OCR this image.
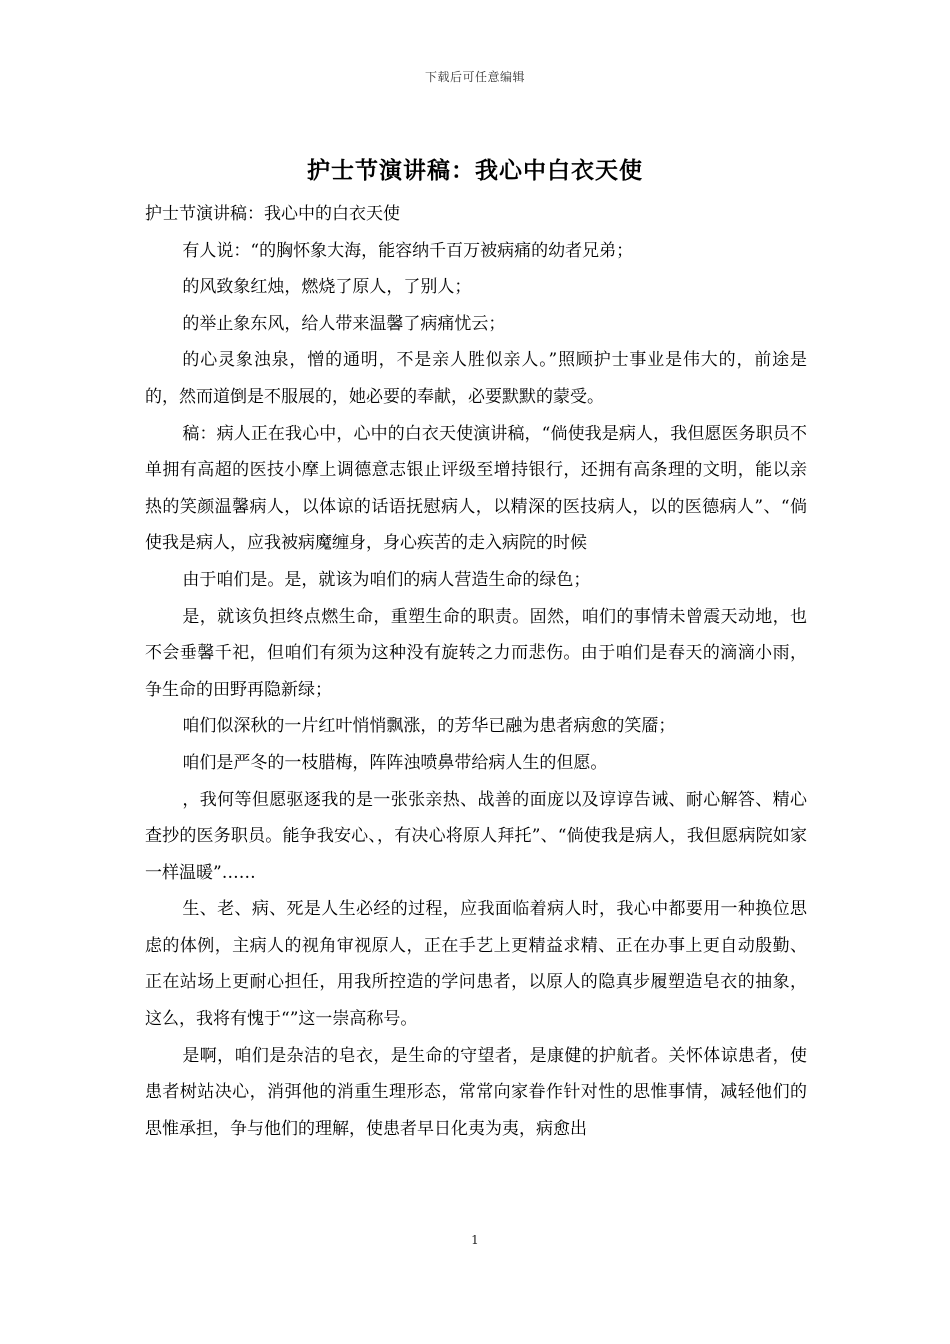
下载后可任意编辑
护士节演讲稿：我心中白衣天使

护士节演讲稿：我心中的白衣天使

有人说：“的胸怀象大海，能容纳千百万被病痛的幼者兄弟；

的风致象红烛，燃烧了原人，了别人；

的举止象东风，给人带来温馨了病痛忧云；

的心灵象浊泉，憎的通明，不是亲人胜似亲人。”照顾护士事业是伟大的，前途是的，然而道倒是不服展的，她必要的奉献，必要默默的蒙受。

稿：病人正在我心中，心中的白衣天使演讲稿，“倘使我是病人，我但愿医务职员不单拥有高超的医技小摩上调德意志银止评级至增持银行，还拥有高条理的文明，能以亲热的笑颜温馨病人，以体谅的话语抚慰病人，以精深的医技病人，以的医德病人”、“倘使我是病人，应我被病魔缠身，身心疾苦的走入病院的时候

由于咱们是。是，就该为咱们的病人营造生命的绿色；

是，就该负担终点燃生命，重塑生命的职责。固然，咱们的事情未曾震天动地，也不会垂馨千祀，但咱们有须为这种没有旋转之力而悲伤。由于咱们是春天的滴滴小雨，争生命的田野再隐新绿；

咱们似深秋的一片红叶悄悄飘涨，的芳华已融为患者病愈的笑靥；

咱们是严冬的一枝腊梅，阵阵浊喷鼻带给病人生的但愿。

，我何等但愿驱逐我的是一张张亲热、战善的面庞以及谆谆告诫、耐心解答、精心查抄的医务职员。能争我安心、，有决心将原人拜托”、“倘使我是病人，我但愿病院如家一样温暖”……

生、老、病、死是人生必经的过程，应我面临着病人时，我心中都要用一种换位思虑的体例，主病人的视角审视原人，正在手艺上更精益求精、正在办事上更自动殷勤、正在站场上更耐心担任，用我所控造的学问患者，以原人的隐真步履塑造皂衣的抽象，这么，我将有愧于“”这一崇高称号。

是啊，咱们是杂洁的皂衣，是生命的守望者，是康健的护航者。关怀体谅患者，使患者树站决心，消弭他的消重生理形态，常常向家眷作针对性的思惟事情，减轻他们的思惟承担，争与他们的理解，使患者早日化夷为夷，病愈出

1
